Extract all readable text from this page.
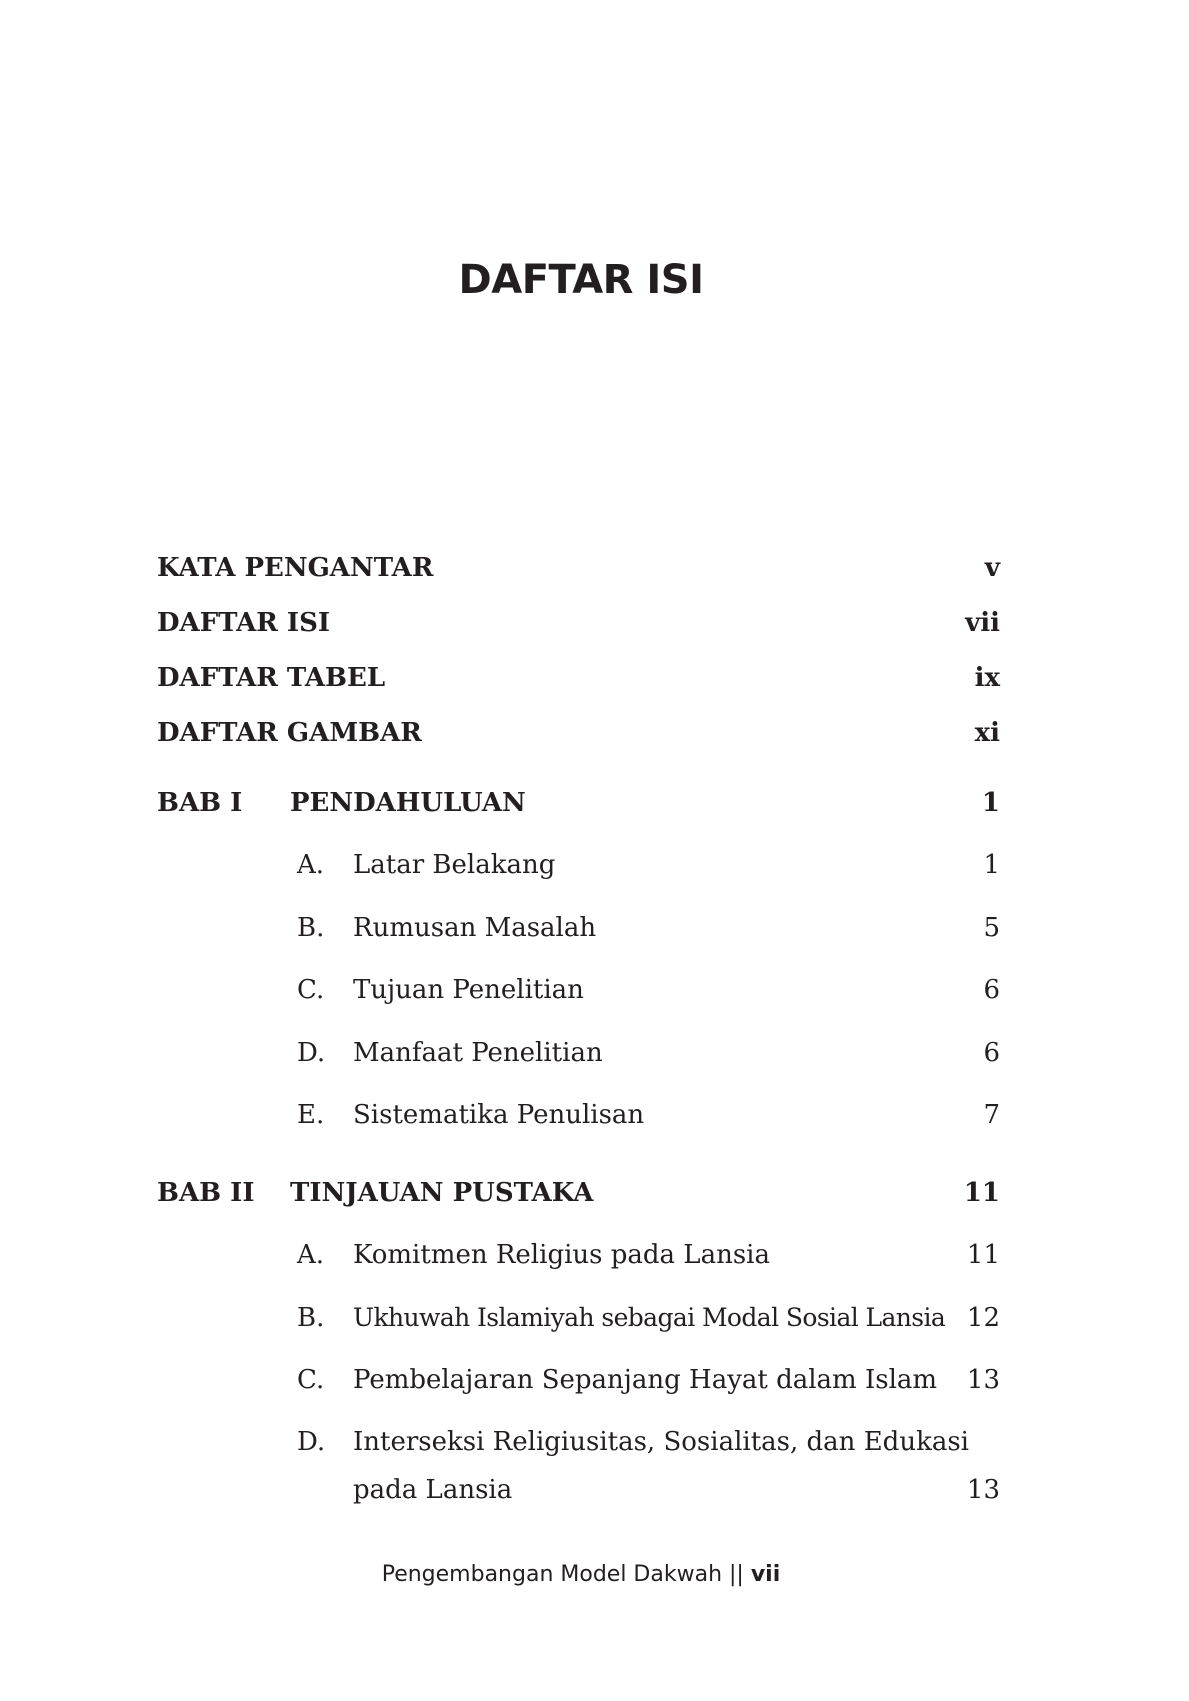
DAFTAR ISI
KATA PENGANTAR	v
DAFTAR ISI	vii
DAFTAR TABEL	ix
DAFTAR GAMBAR	xi
BAB I PENDAHULUAN	1
A. Latar Belakang	1
B. Rumusan Masalah	5
C. Tujuan Penelitian	6
D. Manfaat Penelitian	6
E. Sistematika Penulisan	7
BAB II TINJAUAN PUSTAKA	11
A. Komitmen Religius pada Lansia	11
B. Ukhuwah Islamiyah sebagai Modal Sosial Lansia 12
C. Pembelajaran Sepanjang Hayat dalam Islam 13
D. Interseksi Religiusitas, Sosialitas, dan Edukasi
pada Lansia	13
Pengembangan Model Dakwah || vii
